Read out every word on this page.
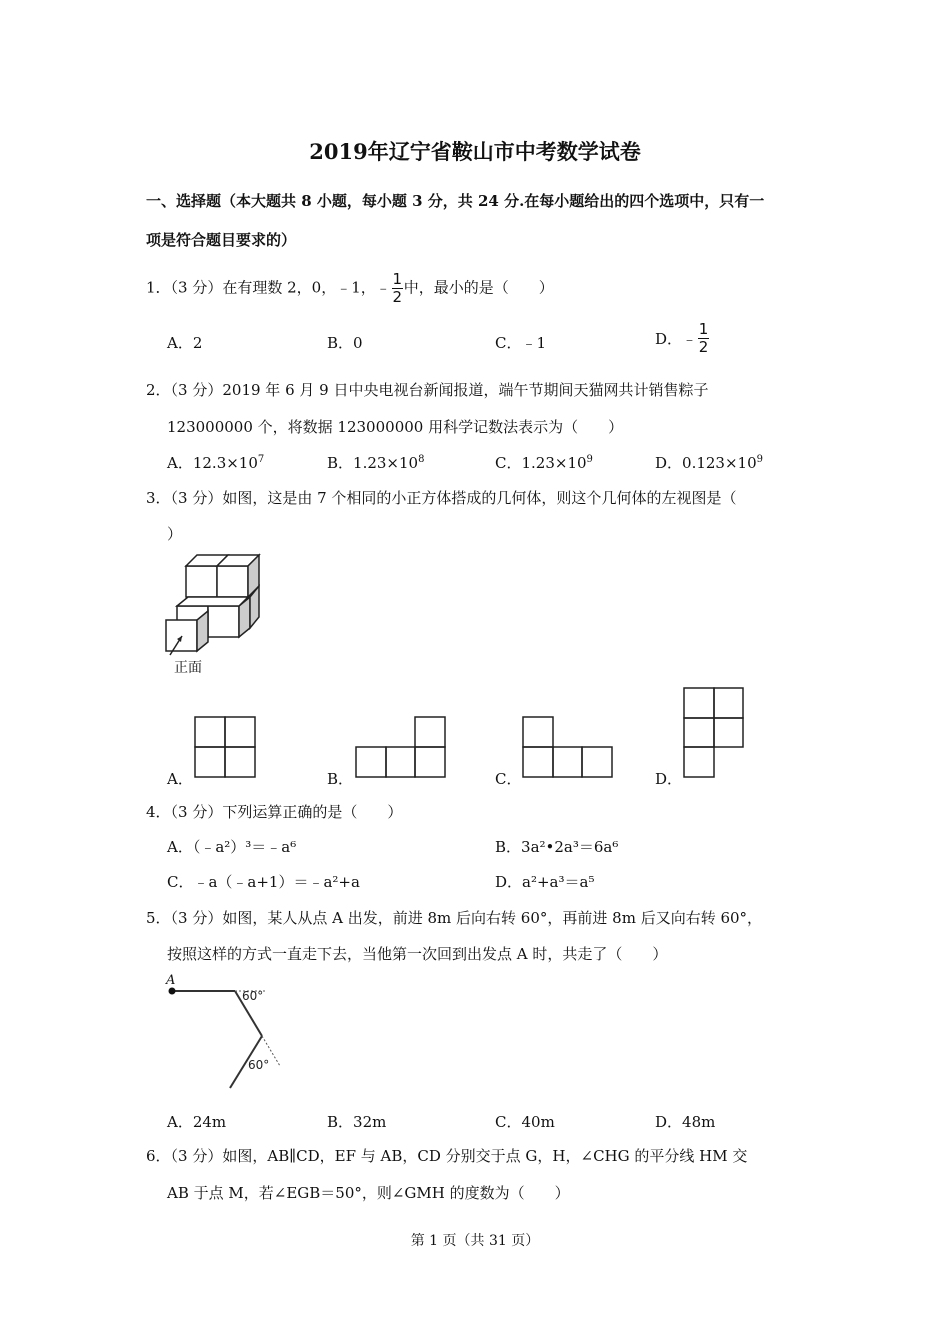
2019年辽宁省鞍山市中考数学试卷
一、选择题（本大题共 8 小题，每小题 3 分，共 24 分.在每小题给出的四个选项中，只有一
项是符合题目要求的）
1．（3 分）在有理数 2，0，﹣1，﹣ $\frac{1}{2}$ 中，最小的是（　　）
A．2	B．0	C．﹣1	D．﹣ $\frac{1}{2}$
2．（3 分）2019 年 6 月 9 日中央电视台新闻报道，端午节期间天猫网共计销售粽子
123000000 个，将数据 123000000 用科学记数法表示为（　　）
A．$12.3\times 10^7$	B．$1.23\times 10^8$	C．$1.23\times 10^9$	D．$0.123\times 10^9$
3．（3 分）如图，这是由 7 个相同的小正方体搭成的几何体，则这个几何体的左视图是（
）
正面
A．	B．	C．	D．
4．（3 分）下列运算正确的是（　　）
A．（﹣a²）³＝﹣a⁶	B．3a²•2a³＝6a⁶
C．﹣a（﹣a+1）＝﹣a²+a	D．a²+a³＝a⁵
5．（3 分）如图，某人从点 A 出发，前进 8m 后向右转 60°，再前进 8m 后又向右转 60°，
按照这样的方式一直走下去，当他第一次回到出发点 A 时，共走了（　　）
A
60°
60°
A．24m	B．32m	C．40m	D．48m
6．（3 分）如图，AB∥CD，EF 与 AB，CD 分别交于点 G，H，∠CHG 的平分线 HM 交
AB 于点 M，若∠EGB＝50°，则∠GMH 的度数为（　　）
第 1 页（共 31 页）
